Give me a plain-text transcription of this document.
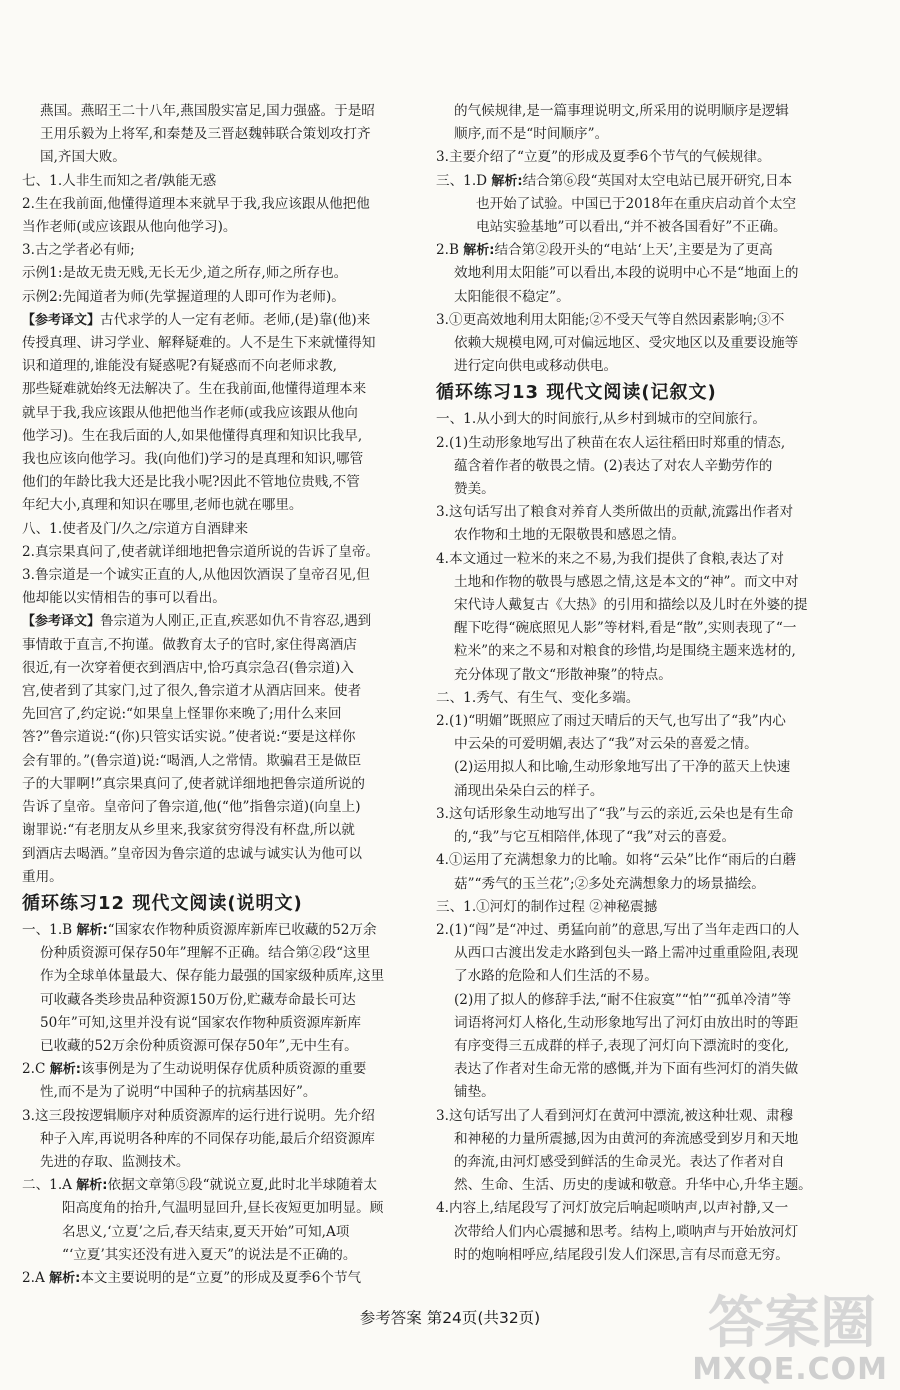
燕国。燕昭王二十八年,燕国殷实富足,国力强盛。于是昭

王用乐毅为上将军,和秦楚及三晋赵魏韩联合策划攻打齐

国,齐国大败。

七、1.人非生而知之者/孰能无惑

2.生在我前面,他懂得道理本来就早于我,我应该跟从他把他

当作老师(或应该跟从他向他学习)。

3.古之学者必有师;

示例1:是故无贵无贱,无长无少,道之所存,师之所存也。

示例2:先闻道者为师(先掌握道理的人即可作为老师)。

【参考译文】古代求学的人一定有老师。老师,(是)靠(他)来

传授真理、讲习学业、解释疑难的。人不是生下来就懂得知

识和道理的,谁能没有疑惑呢?有疑惑而不向老师求教,

那些疑难就始终无法解决了。生在我前面,他懂得道理本来

就早于我,我应该跟从他把他当作老师(或我应该跟从他向

他学习)。生在我后面的人,如果他懂得真理和知识比我早,

我也应该向他学习。我(向他们)学习的是真理和知识,哪管

他们的年龄比我大还是比我小呢?因此不管地位贵贱,不管

年纪大小,真理和知识在哪里,老师也就在哪里。

八、1.使者及门/久之/宗道方自酒肆来

2.真宗果真问了,使者就详细地把鲁宗道所说的告诉了皇帝。

3.鲁宗道是一个诚实正直的人,从他因饮酒误了皇帝召见,但

他却能以实情相告的事可以看出。

【参考译文】鲁宗道为人刚正,正直,疾恶如仇不肯容忍,遇到

事情敢于直言,不拘谨。做教育太子的官时,家住得离酒店

很近,有一次穿着便衣到酒店中,恰巧真宗急召(鲁宗道)入

宫,使者到了其家门,过了很久,鲁宗道才从酒店回来。使者

先回宫了,约定说:“如果皇上怪罪你来晚了;用什么来回

答?”鲁宗道说:“(你)只管实话实说。”使者说:“要是这样你

会有罪的。”(鲁宗道)说:“喝酒,人之常情。欺骗君王是做臣

子的大罪啊!”真宗果真问了,使者就详细地把鲁宗道所说的

告诉了皇帝。皇帝问了鲁宗道,他(“他”指鲁宗道)(向皇上)

谢罪说:“有老朋友从乡里来,我家贫穷得没有杯盘,所以就

到酒店去喝酒。”皇帝因为鲁宗道的忠诚与诚实认为他可以

重用。

循环练习12 现代文阅读(说明文)

一、1.B 解析:“国家农作物种质资源库新库已收藏的52万余

份种质资源可保存50年”理解不正确。结合第②段“这里

作为全球单体量最大、保存能力最强的国家级种质库,这里

可收藏各类珍贵品种资源150万份,贮藏寿命最长可达

50年”可知,这里并没有说“国家农作物种质资源库新库

已收藏的52万余份种质资源可保存50年”,无中生有。

2.C 解析:该事例是为了生动说明保存优质种质资源的重要

性,而不是为了说明“中国种子的抗病基因好”。

3.这三段按逻辑顺序对种质资源库的运行进行说明。先介绍

种子入库,再说明各种库的不同保存功能,最后介绍资源库

先进的存取、监测技术。

二、1.A 解析:依据文章第⑤段“就说立夏,此时北半球随着太

阳高度角的抬升,气温明显回升,昼长夜短更加明显。顾

名思义,‘立夏’之后,春天结束,夏天开始”可知,A项

“‘立夏’其实还没有进入夏天”的说法是不正确的。

2.A 解析:本文主要说明的是“立夏”的形成及夏季6个节气

的气候规律,是一篇事理说明文,所采用的说明顺序是逻辑

顺序,而不是“时间顺序”。

3.主要介绍了“立夏”的形成及夏季6个节气的气候规律。

三、1.D 解析:结合第⑥段“英国对太空电站已展开研究,日本

也开始了试验。中国已于2018年在重庆启动首个太空

电站实验基地”可以看出,“并不被各国看好”不正确。

2.B 解析:结合第②段开头的“电站‘上天’,主要是为了更高

效地利用太阳能”可以看出,本段的说明中心不是“地面上的

太阳能很不稳定”。

3.①更高效地利用太阳能;②不受天气等自然因素影响;③不

依赖大规模电网,可对偏远地区、受灾地区以及重要设施等

进行定向供电或移动供电。

循环练习13 现代文阅读(记叙文)

一、1.从小到大的时间旅行,从乡村到城市的空间旅行。

2.(1)生动形象地写出了秧苗在农人运往稻田时郑重的情态,

蕴含着作者的敬畏之情。(2)表达了对农人辛勤劳作的

赞美。

3.这句话写出了粮食对养育人类所做出的贡献,流露出作者对

农作物和土地的无限敬畏和感恩之情。

4.本文通过一粒米的来之不易,为我们提供了食粮,表达了对

土地和作物的敬畏与感恩之情,这是本文的“神”。而文中对

宋代诗人戴复古《大热》的引用和描绘以及儿时在外婆的提

醒下吃得“碗底照见人影”等材料,看是“散”,实则表现了“一

粒米”的来之不易和对粮食的珍惜,均是围绕主题来选材的,

充分体现了散文“形散神聚”的特点。

二、1.秀气、有生气、变化多端。

2.(1)“明媚”既照应了雨过天晴后的天气,也写出了“我”内心

中云朵的可爱明媚,表达了“我”对云朵的喜爱之情。

(2)运用拟人和比喻,生动形象地写出了干净的蓝天上快速

涌现出朵朵白云的样子。

3.这句话形象生动地写出了“我”与云的亲近,云朵也是有生命

的,“我”与它互相陪伴,体现了“我”对云的喜爱。

4.①运用了充满想象力的比喻。如将“云朵”比作“雨后的白蘑

菇”“秀气的玉兰花”;②多处充满想象力的场景描绘。

三、1.①河灯的制作过程 ②神秘震撼

2.(1)“闯”是“冲过、勇猛向前”的意思,写出了当年走西口的人

从西口古渡出发走水路到包头一路上需冲过重重险阻,表现

了水路的危险和人们生活的不易。

(2)用了拟人的修辞手法,“耐不住寂寞”“怕”“孤单冷清”等

词语将河灯人格化,生动形象地写出了河灯由放出时的等距

有序变得三五成群的样子,表现了河灯向下漂流时的变化,

表达了作者对生命无常的感慨,并为下面有些河灯的消失做

铺垫。

3.这句话写出了人看到河灯在黄河中漂流,被这种壮观、肃穆

和神秘的力量所震撼,因为由黄河的奔流感受到岁月和天地

的奔流,由河灯感受到鲜活的生命灵光。表达了作者对自

然、生命、生活、历史的虔诚和敬意。升华中心,升华主题。

4.内容上,结尾段写了河灯放完后响起唢呐声,以声衬静,又一

次带给人们内心震撼和思考。结构上,唢呐声与开始放河灯

时的炮响相呼应,结尾段引发人们深思,言有尽而意无穷。

参考答案 第24页(共32页)	答案圈
MXQE.COM
